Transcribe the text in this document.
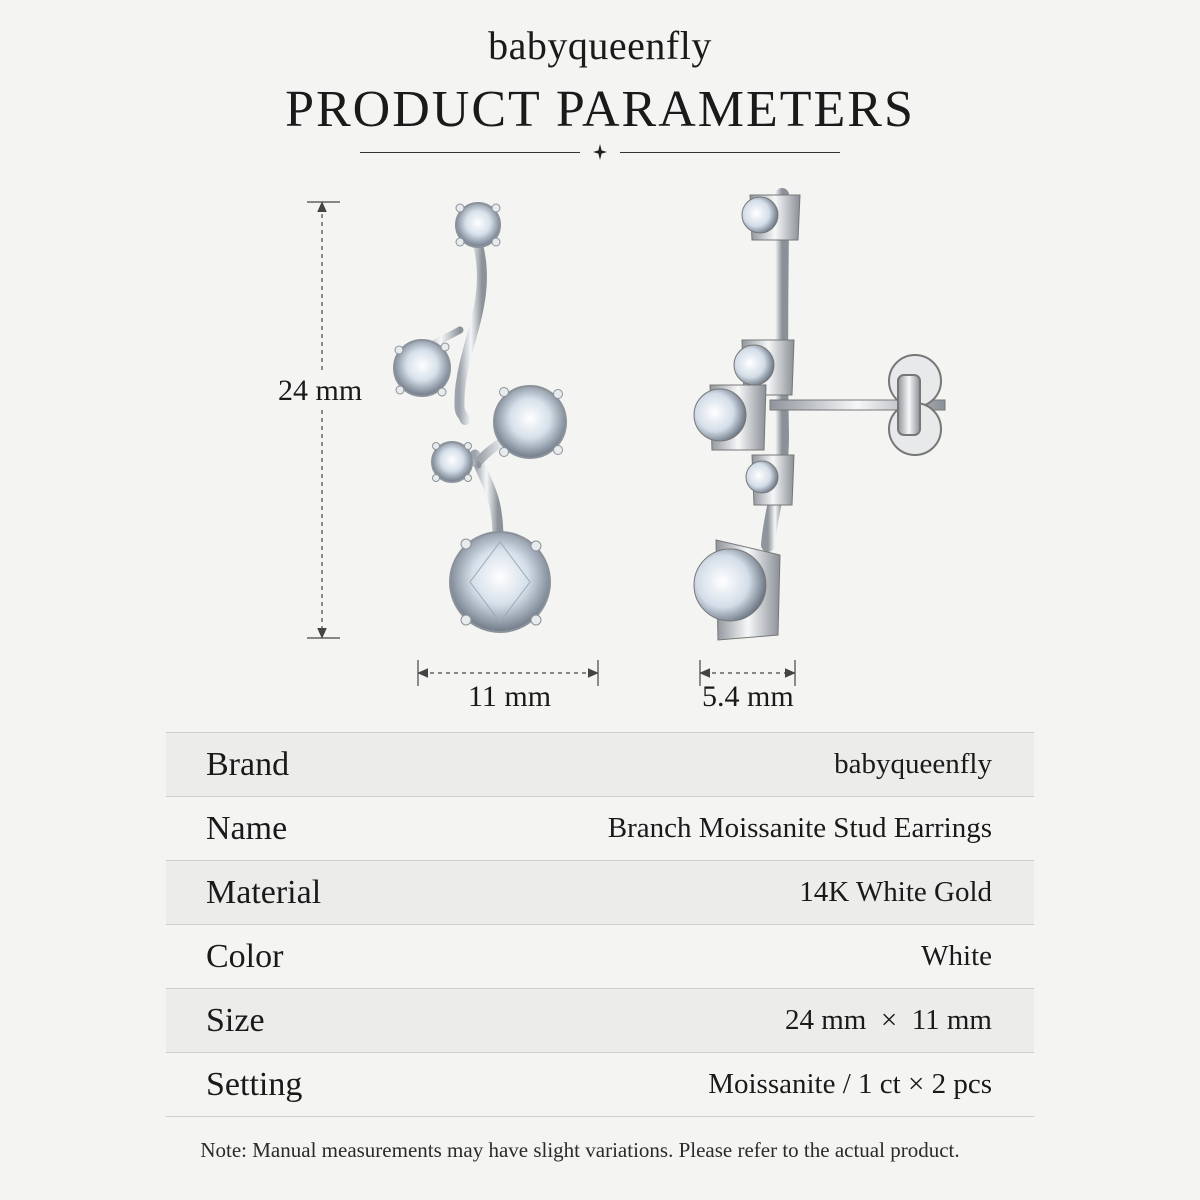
babyqueenfly
PRODUCT PARAMETERS
24 mm
11 mm	5.4 mm
Brand	babyqueenfly
Name	Branch Moissanite Stud Earrings
Material	14K White Gold
Color	White
Size	24 mm  ×  11 mm
Setting	Moissanite / 1 ct × 2 pcs
Note: Manual measurements may have slight variations. Please refer to the actual product.
